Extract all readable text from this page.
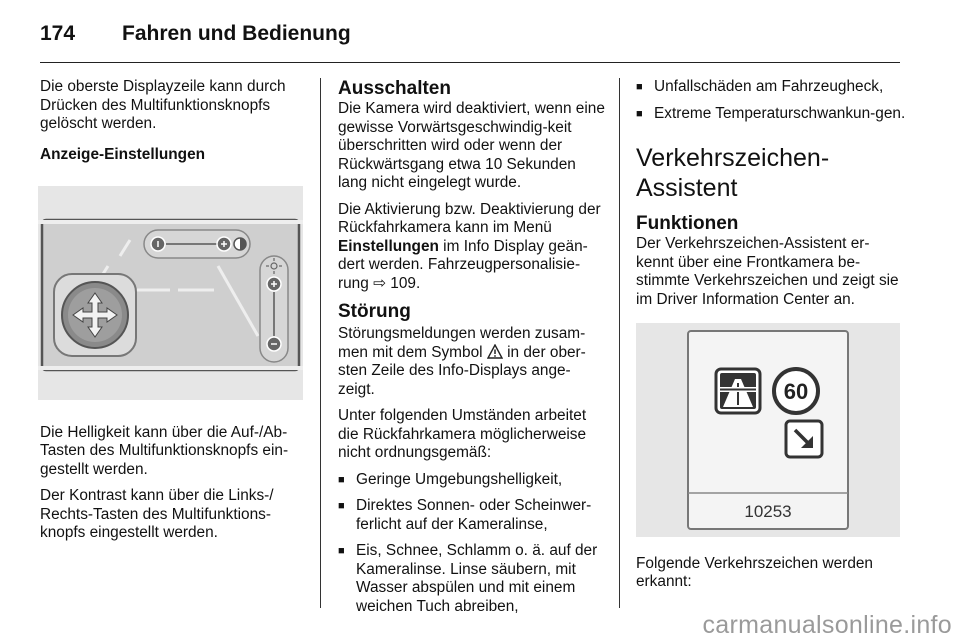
174 Fahren und Bedienung

Die oberste Displayzeile kann durch Drücken des Multifunktionsknopfs gelöscht werden.

Anzeige-Einstellungen

Die Helligkeit kann über die Auf-/Ab-Tasten des Multifunktionsknopfs ein-gestellt werden.

Der Kontrast kann über die Links-/ Rechts-Tasten des Multifunktions-knopfs eingestellt werden.

Ausschalten

Die Kamera wird deaktiviert, wenn eine gewisse Vorwärtsgeschwindig-keit überschritten wird oder wenn der Rückwärtsgang etwa 10 Sekunden lang nicht eingelegt wurde.

Die Aktivierung bzw. Deaktivierung der Rückfahrkamera kann im Menü Einstellungen im Info Display geän-dert werden. Fahrzeugpersonalisie-rung ⇨ 109.

Störung

Störungsmeldungen werden zusam-men mit dem Symbol  in der ober-sten Zeile des Info-Displays ange-zeigt.

Unter folgenden Umständen arbeitet die Rückfahrkamera möglicherweise nicht ordnungsgemäß:

■ Geringe Umgebungshelligkeit,
■ Direktes Sonnen- oder Scheinwer-ferlicht auf der Kameralinse,
■ Eis, Schnee, Schlamm o. ä. auf der Kameralinse. Linse säubern, mit Wasser abspülen und mit einem weichen Tuch abreiben,
■ Unfallschäden am Fahrzeugheck,
■ Extreme Temperaturschwankun-gen.
Verkehrszeichen-Assistent
Funktionen

Der Verkehrszeichen-Assistent er-kennt über eine Frontkamera be-stimmte Verkehrszeichen und zeigt sie im Driver Information Center an.

60
10253

Folgende Verkehrszeichen werden erkannt:

carmanualsonline.info
